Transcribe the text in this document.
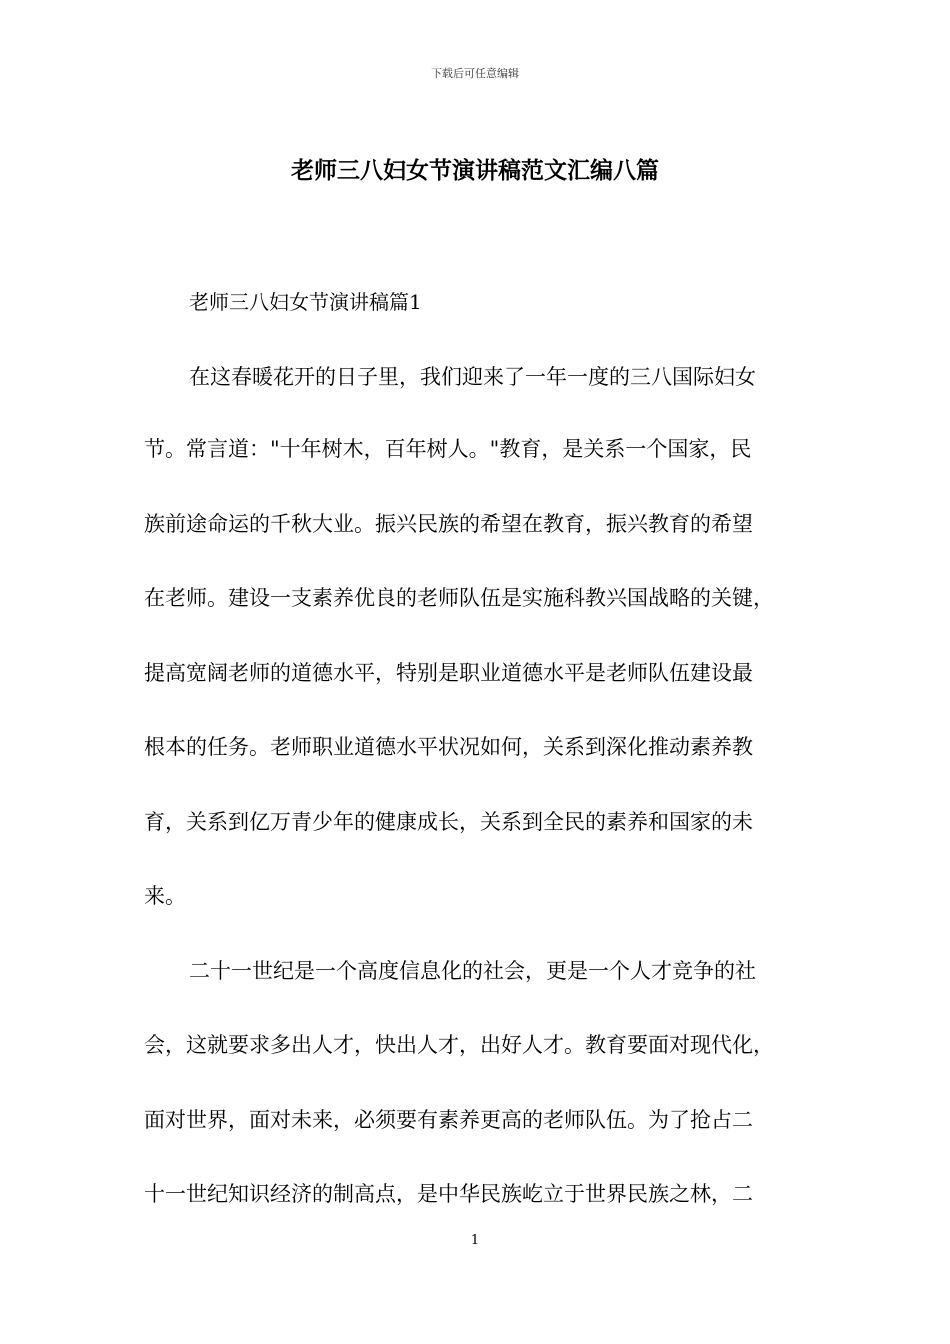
下载后可任意编辑
老师三八妇女节演讲稿范文汇编八篇
老师三八妇女节演讲稿篇1
在这春暖花开的日子里，我们迎来了一年一度的三八国际妇女
节。常言道："十年树木，百年树人。"教育，是关系一个国家，民
族前途命运的千秋大业。振兴民族的希望在教育，振兴教育的希望
在老师。建设一支素养优良的老师队伍是实施科教兴国战略的关键，
提高宽阔老师的道德水平，特别是职业道德水平是老师队伍建设最
根本的任务。老师职业道德水平状况如何，关系到深化推动素养教
育，关系到亿万青少年的健康成长，关系到全民的素养和国家的未
来。
二十一世纪是一个高度信息化的社会，更是一个人才竞争的社
会，这就要求多出人才，快出人才，出好人才。教育要面对现代化，
面对世界，面对未来，必须要有素养更高的老师队伍。为了抢占二
十一世纪知识经济的制高点，是中华民族屹立于世界民族之林，二
1
